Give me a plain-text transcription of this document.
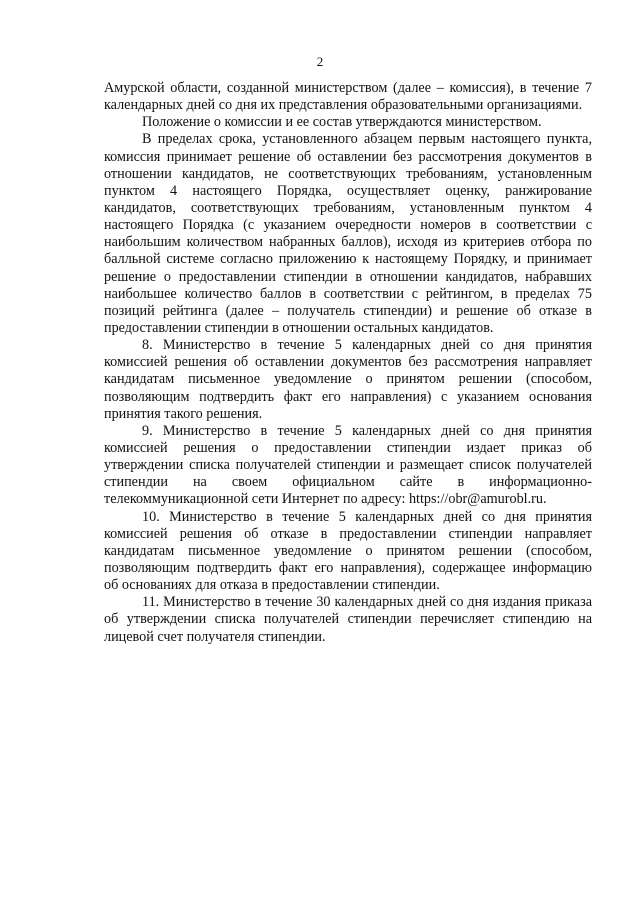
2
Амурской области, созданной министерством (далее – комиссия), в течение 7
календарных дней со дня их представления образовательными организациями.
Положение о комиссии и ее состав утверждаются министерством.
В пределах срока, установленного абзацем первым настоящего пункта,
комиссия принимает решение об оставлении без рассмотрения документов в
отношении кандидатов, не соответствующих требованиям, установленным
пунктом 4 настоящего Порядка, осуществляет оценку, ранжирование
кандидатов, соответствующих требованиям, установленным пунктом 4
настоящего Порядка (с указанием очередности номеров в соответствии с
наибольшим количеством набранных баллов), исходя из критериев отбора по
балльной системе согласно приложению к настоящему Порядку, и принимает
решение о предоставлении стипендии в отношении кандидатов, набравших
наибольшее количество баллов в соответствии с рейтингом, в пределах 75
позиций рейтинга (далее – получатель стипендии) и решение об отказе в
предоставлении стипендии в отношении остальных кандидатов.
8. Министерство в течение 5 календарных дней со дня принятия
комиссией решения об оставлении документов без рассмотрения направляет
кандидатам письменное уведомление о принятом решении (способом,
позволяющим подтвердить факт его направления) с указанием основания
принятия такого решения.
9. Министерство в течение 5 календарных дней со дня принятия
комиссией решения о предоставлении стипендии издает приказ об
утверждении списка получателей стипендии и размещает список получателей
стипендии на своем официальном сайте в информационно-
телекоммуникационной сети Интернет по адресу: https://obr@amurobl.ru.
10. Министерство в течение 5 календарных дней со дня принятия
комиссией решения об отказе в предоставлении стипендии направляет
кандидатам письменное уведомление о принятом решении (способом,
позволяющим подтвердить факт его направления), содержащее информацию
об основаниях для отказа в предоставлении стипендии.
11. Министерство в течение 30 календарных дней со дня издания приказа
об утверждении списка получателей стипендии перечисляет стипендию на
лицевой счет получателя стипендии.
